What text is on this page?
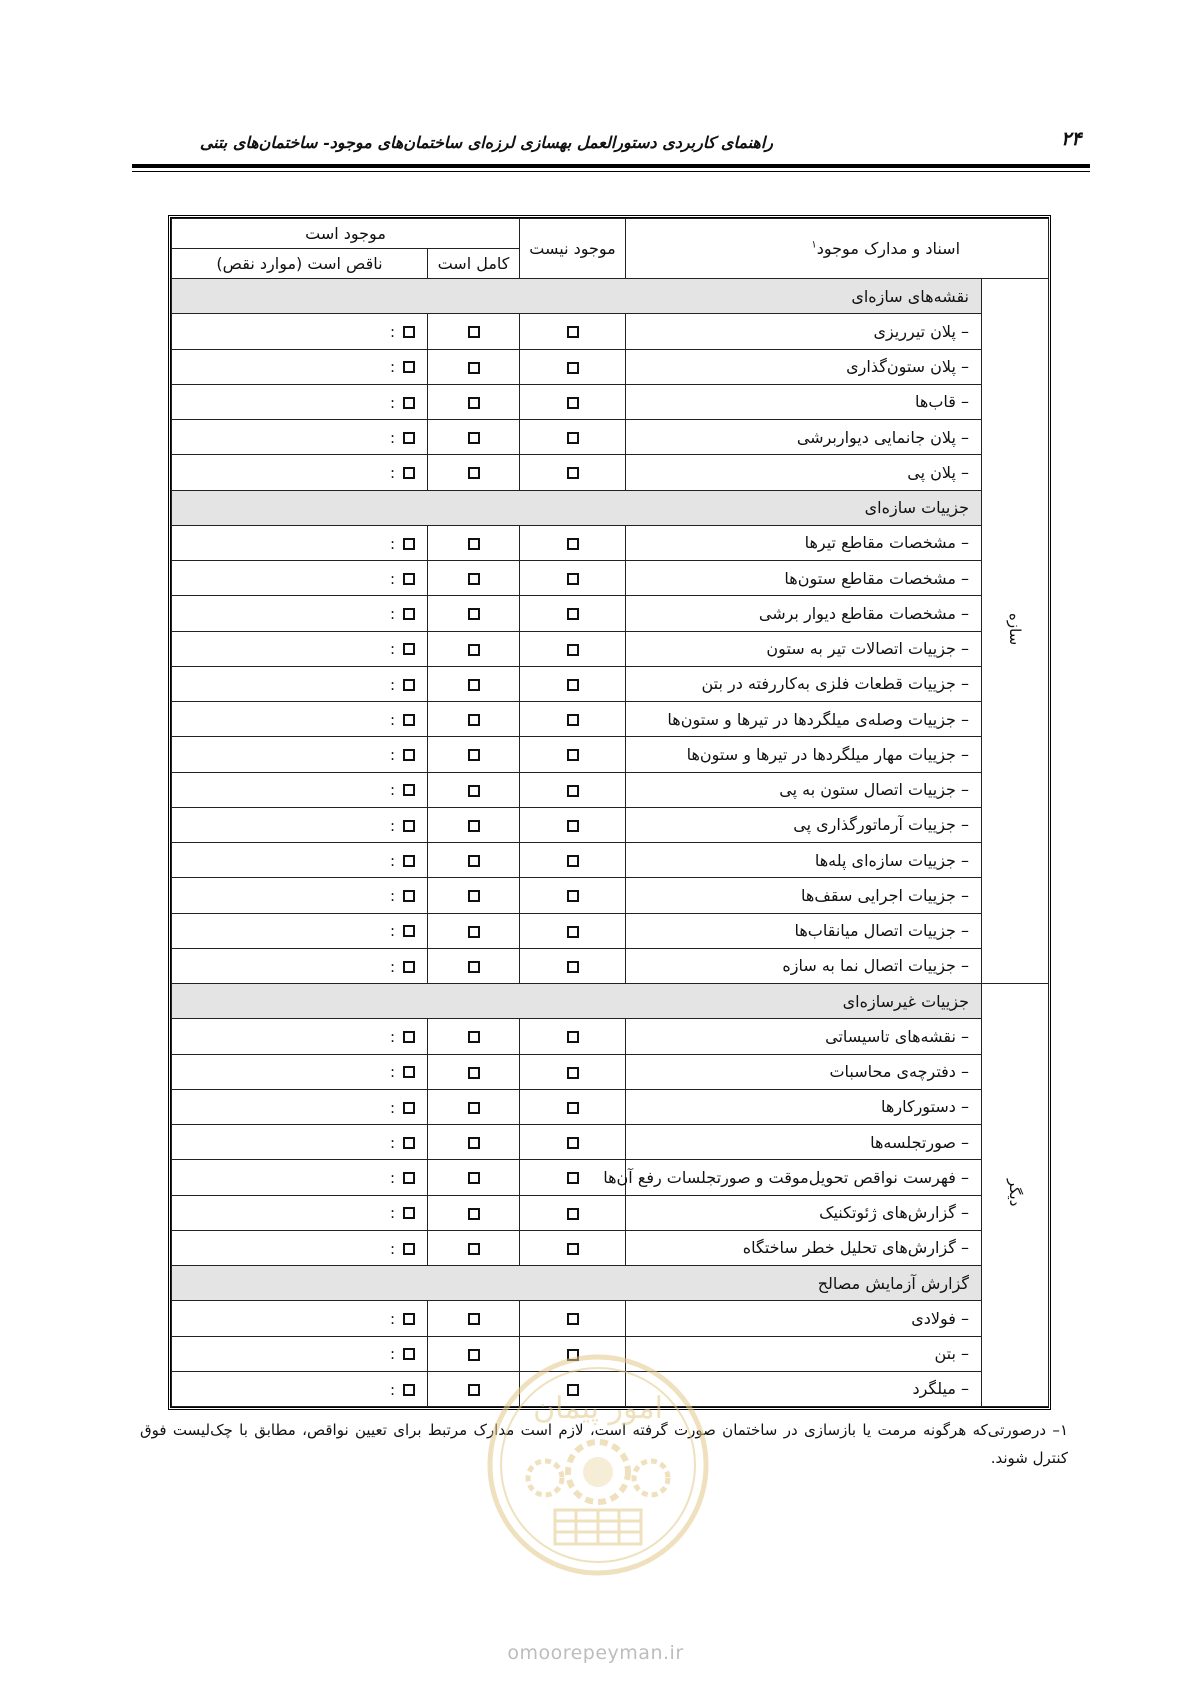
راهنمای کاربردی دستورالعمل بهسازی لرزه‌ای ساختمان‌های موجود- ساختمان‌های بتنی	۲۴
اسناد و مدارک موجود$^۱$		موجود نیست	موجود است	
			کامل است	ناقص است (موارد نقص)
سازه	نقشه‌های سازه‌ای			
	– پلان تیرریزی			:
	– پلان ستون‌گذاری			:
	– قاب‌ها			:
	– پلان جانمایی دیواربرشی			:
	– پلان پی			:
	جزییات سازه‌ای			
	– مشخصات مقاطع تیرها			:
	– مشخصات مقاطع ستون‌ها			:
	– مشخصات مقاطع دیوار برشی			:
	– جزییات اتصالات تیر به ستون			:
	– جزییات قطعات فلزی به‌کاررفته در بتن			:
	– جزییات وصله‌ی میلگردها در تیرها و ستون‌ها			:
	– جزییات مهار میلگردها در تیرها و ستون‌ها			:
	– جزییات اتصال ستون به پی			:
	– جزییات آرماتورگذاری پی			:
	– جزییات سازه‌ای پله‌ها			:
	– جزییات اجرایی سقف‌ها			:
	– جزییات اتصال میانقاب‌ها			:
	– جزییات اتصال نما به سازه			:
دیگر	جزییات غیرسازه‌ای			
	– نقشه‌های تاسیساتی			:
	– دفترچه‌ی محاسبات			:
	– دستورکارها			:
	– صورتجلسه‌ها			:
	– فهرست نواقص تحویل‌موقت و صورتجلسات رفع آن‌ها			:
	– گزارش‌های ژئوتکنیک			:
	– گزارش‌های تحلیل خطر ساختگاه			:
	گزارش آزمایش مصالح			
	– فولادی			:
	– بتن			:
	– میلگرد			:
۱– درصورتی‌که هرگونه مرمت یا بازسازی در ساختمان صورت گرفته است، لازم است مدارک مرتبط برای تعیین نواقص، مطابق با چک‌لیست فوق کنترل شوند.
امور پیمان
omoorepeyman.ir
